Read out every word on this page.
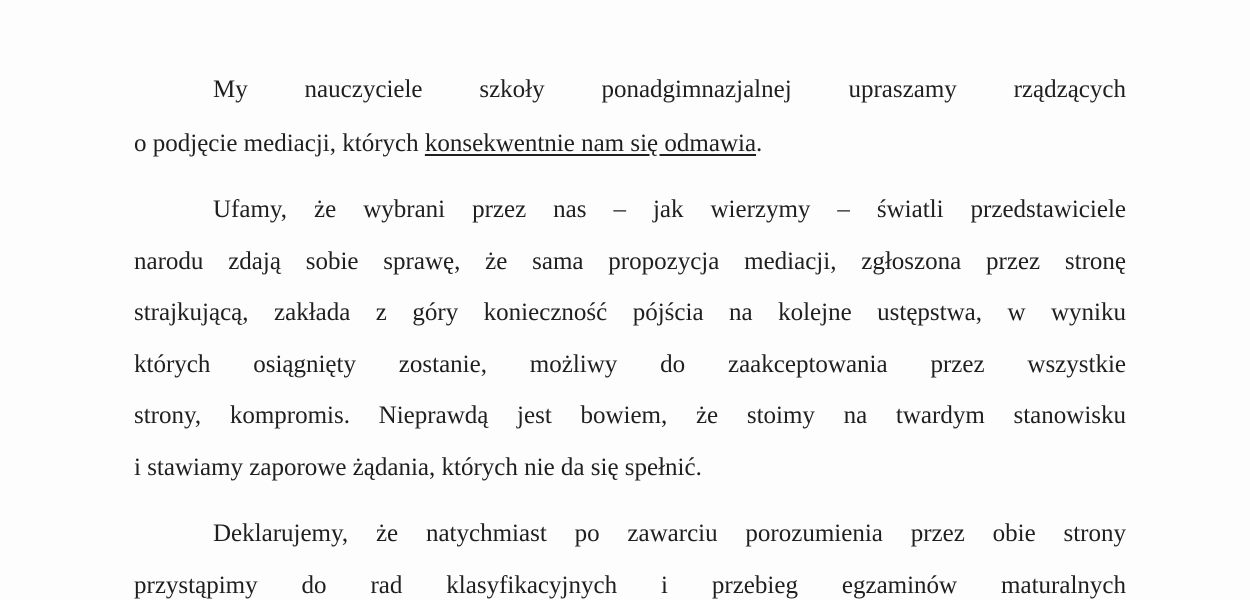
My nauczyciele szkoły ponadgimnazjalnej upraszamy rządzących
o podjęcie mediacji, których konsekwentnie nam się odmawia.
Ufamy, że wybrani przez nas – jak wierzymy – światli przedstawiciele
narodu zdają sobie sprawę, że sama propozycja mediacji, zgłoszona przez stronę
strajkującą, zakłada z góry konieczność pójścia na kolejne ustępstwa, w wyniku
których osiągnięty zostanie, możliwy do zaakceptowania przez wszystkie
strony, kompromis. Nieprawdą jest bowiem, że stoimy na twardym stanowisku
i stawiamy zaporowe żądania, których nie da się spełnić.
Deklarujemy, że natychmiast po zawarciu porozumienia przez obie strony
przystąpimy do rad klasyfikacyjnych i przebieg egzaminów maturalnych
